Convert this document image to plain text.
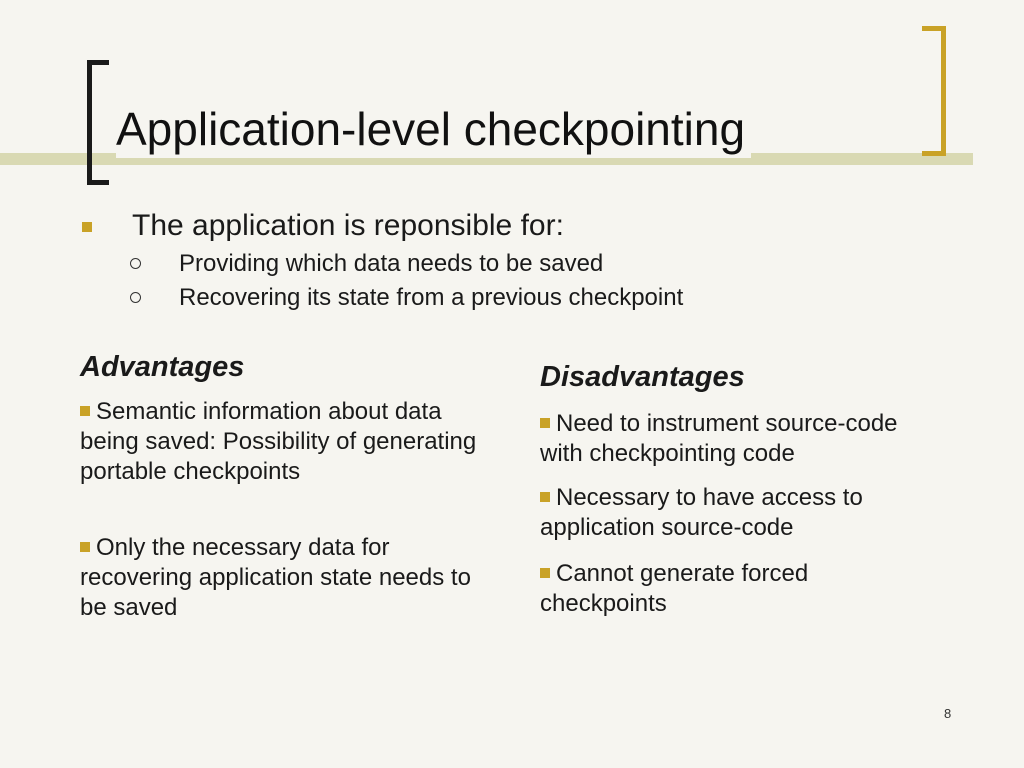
Application-level checkpointing
The application is reponsible for:
Providing which data needs to be saved
Recovering its state from a previous checkpoint
Advantages
Semantic information about data being saved: Possibility of generating portable checkpoints
Only the necessary data for recovering application state needs to be saved
Disadvantages
Need to instrument source-code with checkpointing code
Necessary to have access to application source-code
Cannot generate forced checkpoints
8
